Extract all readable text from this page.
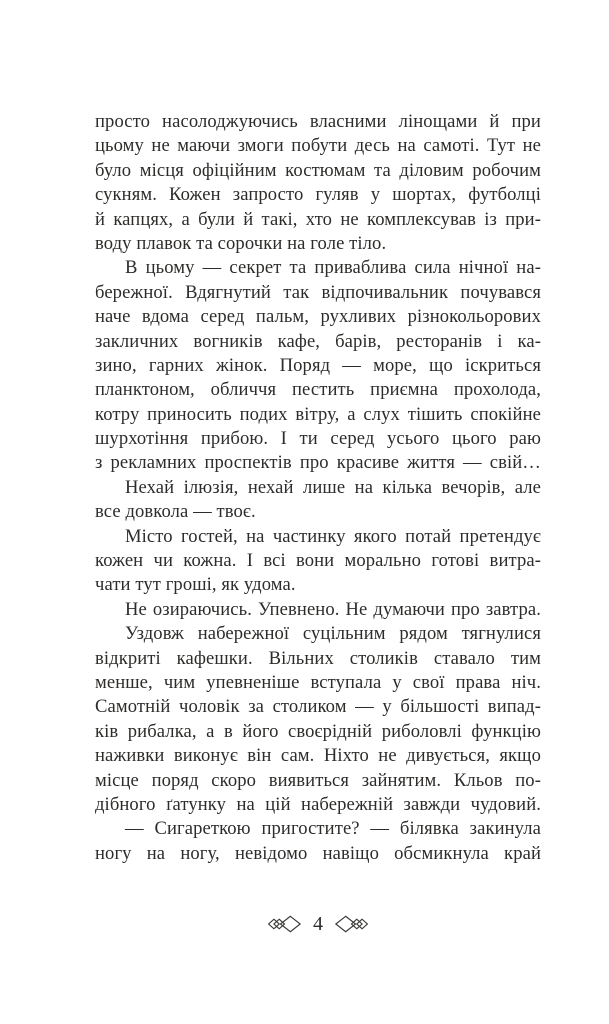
просто насолоджуючись власними лінощами й при
цьому не маючи змоги побути десь на самоті. Тут не
було місця офіційним костюмам та діловим робочим
сукням. Кожен запросто гуляв у шортах, футболці
й капцях, а були й такі, хто не комплексував із при-
воду плавок та сорочки на голе тіло.
В цьому — секрет та приваблива сила нічної на-
бережної. Вдягнутий так відпочивальник почувався
наче вдома серед пальм, рухливих різнокольорових
закличних вогників кафе, барів, ресторанів і ка-
зино, гарних жінок. Поряд — море, що іскриться
планктоном, обличчя пестить приємна прохолода,
котру приносить подих вітру, а слух тішить спокійне
шурхотіння прибою. І ти серед усього цього раю
з рекламних проспектів про красиве життя — свій…
Нехай ілюзія, нехай лише на кілька вечорів, але
все довкола — твоє.
Місто гостей, на частинку якого потай претендує
кожен чи кожна. І всі вони морально готові витра-
чати тут гроші, як удома.
Не озираючись. Упевнено. Не думаючи про завтра.
Уздовж набережної суцільним рядом тягнулися
відкриті кафешки. Вільних столиків ставало тим
менше, чим упевненіше вступала у свої права ніч.
Самотній чоловік за столиком — у більшості випад-
ків рибалка, а в його своєрідній риболовлі функцію
наживки виконує він сам. Ніхто не дивується, якщо
місце поряд скоро виявиться зайнятим. Кльов по-
дібного ґатунку на цій набережній завжди чудовий.
— Сигареткою пригостите? — білявка закинула
ногу на ногу, невідомо навіщо обсмикнула край
4
